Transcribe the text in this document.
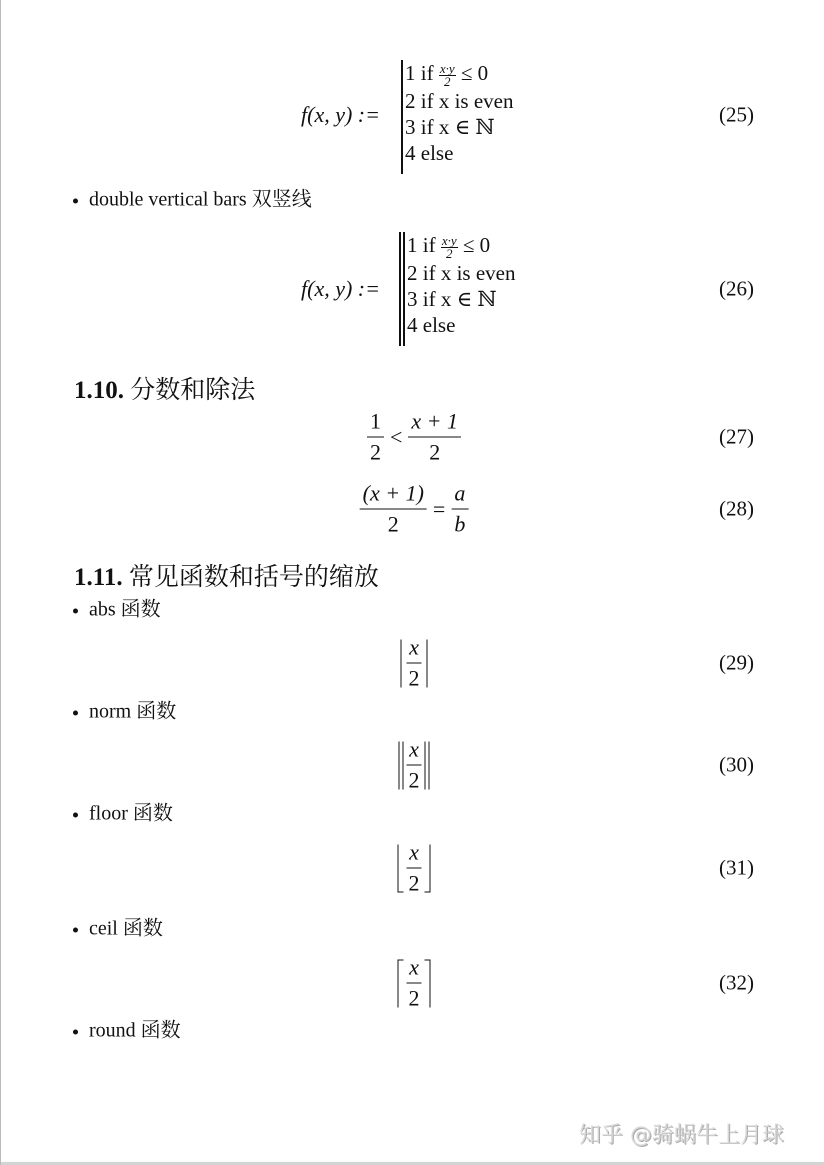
f(x, y) :=
1 if $\frac{x\cdot y}{2} \le 0$
2 if x is even
3 if x ∈ ℕ
4 else
(25)
double vertical bars 双竖线
f(x, y) :=
1 if $\frac{x\cdot y}{2} \le 0$
2 if x is even
3 if x ∈ ℕ
4 else
(26)
1.10. 分数和除法
$\frac{1}{2} < \frac{x + 1}{2}$	(27)
$\frac{(x + 1)}{2} = \frac{a}{b}$	(28)
1.11. 常见函数和括号的缩放
abs 函数
$\frac{x}{2}$	(29)
norm 函数
$\frac{x}{2}$	(30)
floor 函数
$\frac{x}{2}$	(31)
ceil 函数
$\frac{x}{2}$	(32)
round 函数
知乎 @骑蜗牛上月球
